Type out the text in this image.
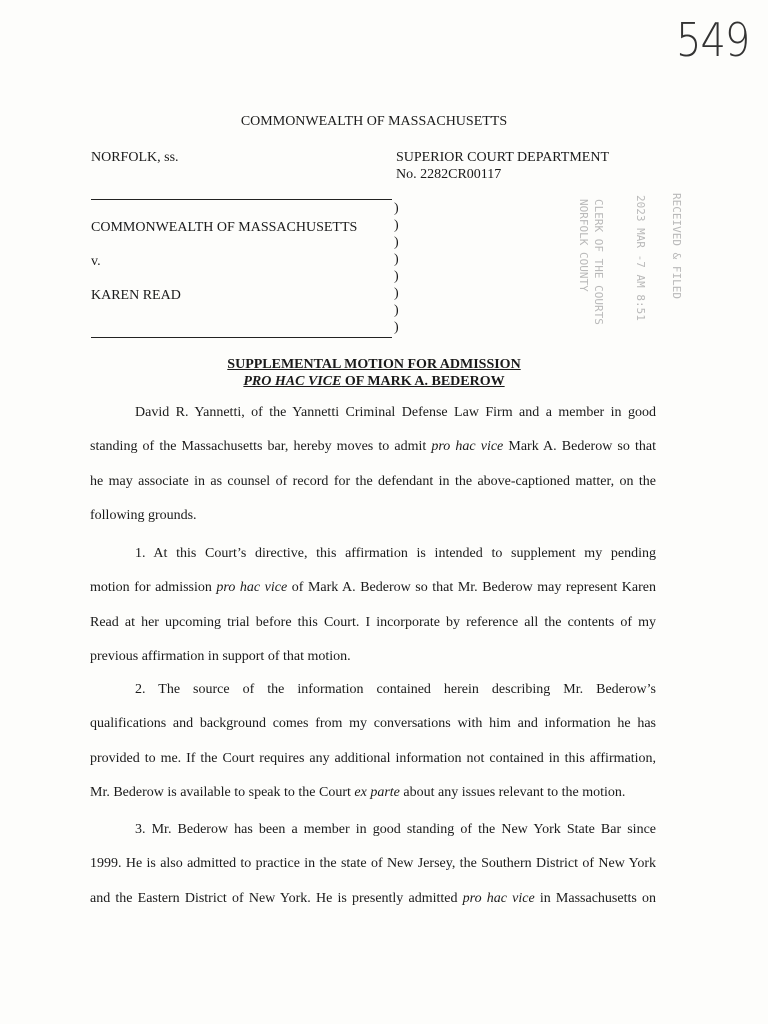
549
COMMONWEALTH OF MASSACHUSETTS
NORFOLK, ss.	SUPERIOR COURT DEPARTMENT
No. 2282CR00117
COMMONWEALTH OF MASSACHUSETTS
v.
KAREN READ
)
)
)
)
)
)
)
)
2023 MAR -7 AM 8:51
CLERK OF THE COURTS
NORFOLK COUNTY	RECEIVED & FILED
SUPPLEMENTAL MOTION FOR ADMISSION
PRO HAC VICE OF MARK A. BEDEROW
David R. Yannetti, of the Yannetti Criminal Defense Law Firm and a member in good
standing of the Massachusetts bar, hereby moves to admit pro hac vice Mark A. Bederow so that
he may associate in as counsel of record for the defendant in the above-captioned matter, on the
following grounds.
1. At this Court’s directive, this affirmation is intended to supplement my pending
motion for admission pro hac vice of Mark A. Bederow so that Mr. Bederow may represent Karen
Read at her upcoming trial before this Court. I incorporate by reference all the contents of my
previous affirmation in support of that motion.
2. The source of the information contained herein describing Mr. Bederow’s
qualifications and background comes from my conversations with him and information he has
provided to me. If the Court requires any additional information not contained in this affirmation,
Mr. Bederow is available to speak to the Court ex parte about any issues relevant to the motion.
3. Mr. Bederow has been a member in good standing of the New York State Bar since
1999. He is also admitted to practice in the state of New Jersey, the Southern District of New York
and the Eastern District of New York. He is presently admitted pro hac vice in Massachusetts on
